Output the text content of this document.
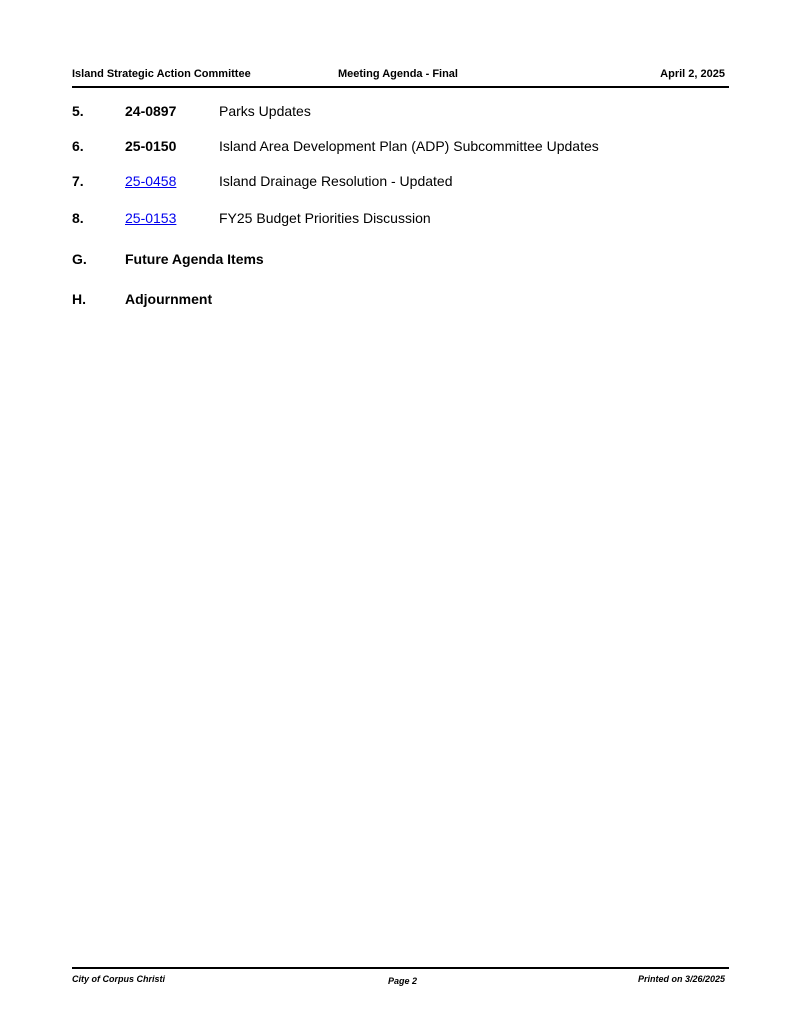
Island Strategic Action Committee	Meeting Agenda - Final	April 2, 2025
5.	24-0897	Parks Updates
6.	25-0150	Island Area Development Plan (ADP) Subcommittee Updates
7.	25-0458	Island Drainage Resolution - Updated
8.	25-0153	FY25 Budget Priorities Discussion
G.	Future Agenda Items
H.	Adjournment
City of Corpus Christi	Page 2	Printed on 3/26/2025
